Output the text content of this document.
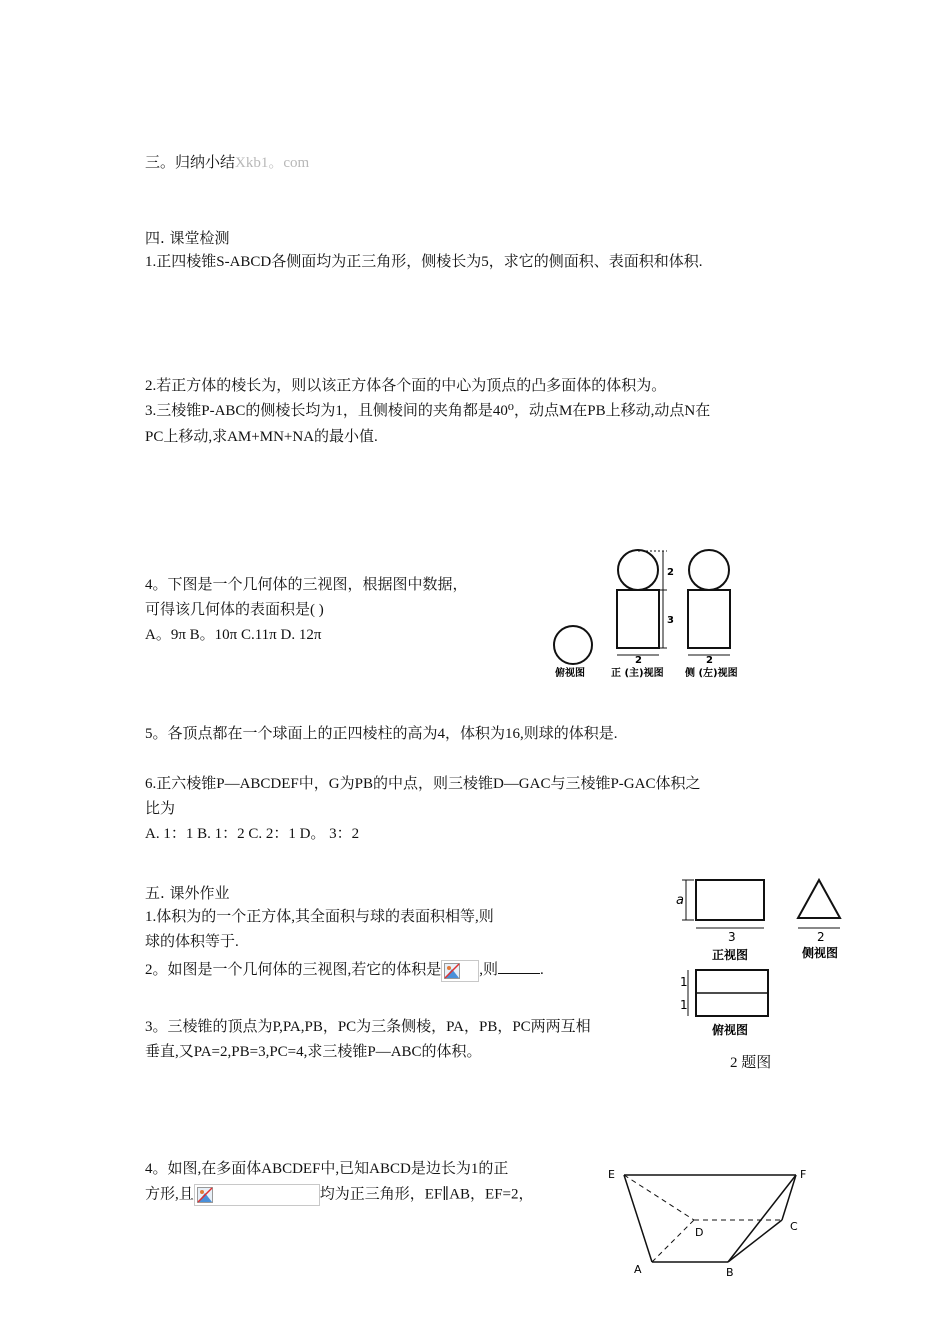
三。归纳小结Xkb1。com
四. 课堂检测
1.正四棱锥S-ABCD各侧面均为正三角形，侧棱长为5，求它的侧面积、表面积和体积.
2.若正方体的棱长为，则以该正方体各个面的中心为顶点的凸多面体的体积为。
3.三棱锥P-ABC的侧棱长均为1，且侧棱间的夹角都是40⁰，动点M在PB上移动,动点N在
PC上移动,求AM+MN+NA的最小值.
4。下图是一个几何体的三视图，根据图中数据，
可得该几何体的表面积是( )
A。9π B。10π C.11π D. 12π
2
3
2	2
俯视图	正 (主)视图 侧 (左)视图
5。各顶点都在一个球面上的正四棱柱的高为4，体积为16,则球的体积是.
6.正六棱锥P—ABCDEF中，G为PB的中点，则三棱锥D—GAC与三棱锥P-GAC体积之
比为
A. 1：1 B. 1：2 C. 2：1 D。 3：2
五. 课外作业
1.体积为的一个正方体,其全面积与球的表面积相等,则
球的体积等于.
2。如图是一个几何体的三视图,若它的体积是	,则	.
3。三棱锥的顶点为P,PA,PB，PC为三条侧棱，PA，PB，PC两两互相
垂直,又PA=2,PB=3,PC=4,求三棱锥P—ABC的体积。
a
3
正视图
2
侧视图
1
1
俯视图
2 题图
4。如图,在多面体ABCDEF中,已知ABCD是边长为1的正
方形,且	均为正三角形，EF∥AB，EF=2，
E	F
D	C
A	B
